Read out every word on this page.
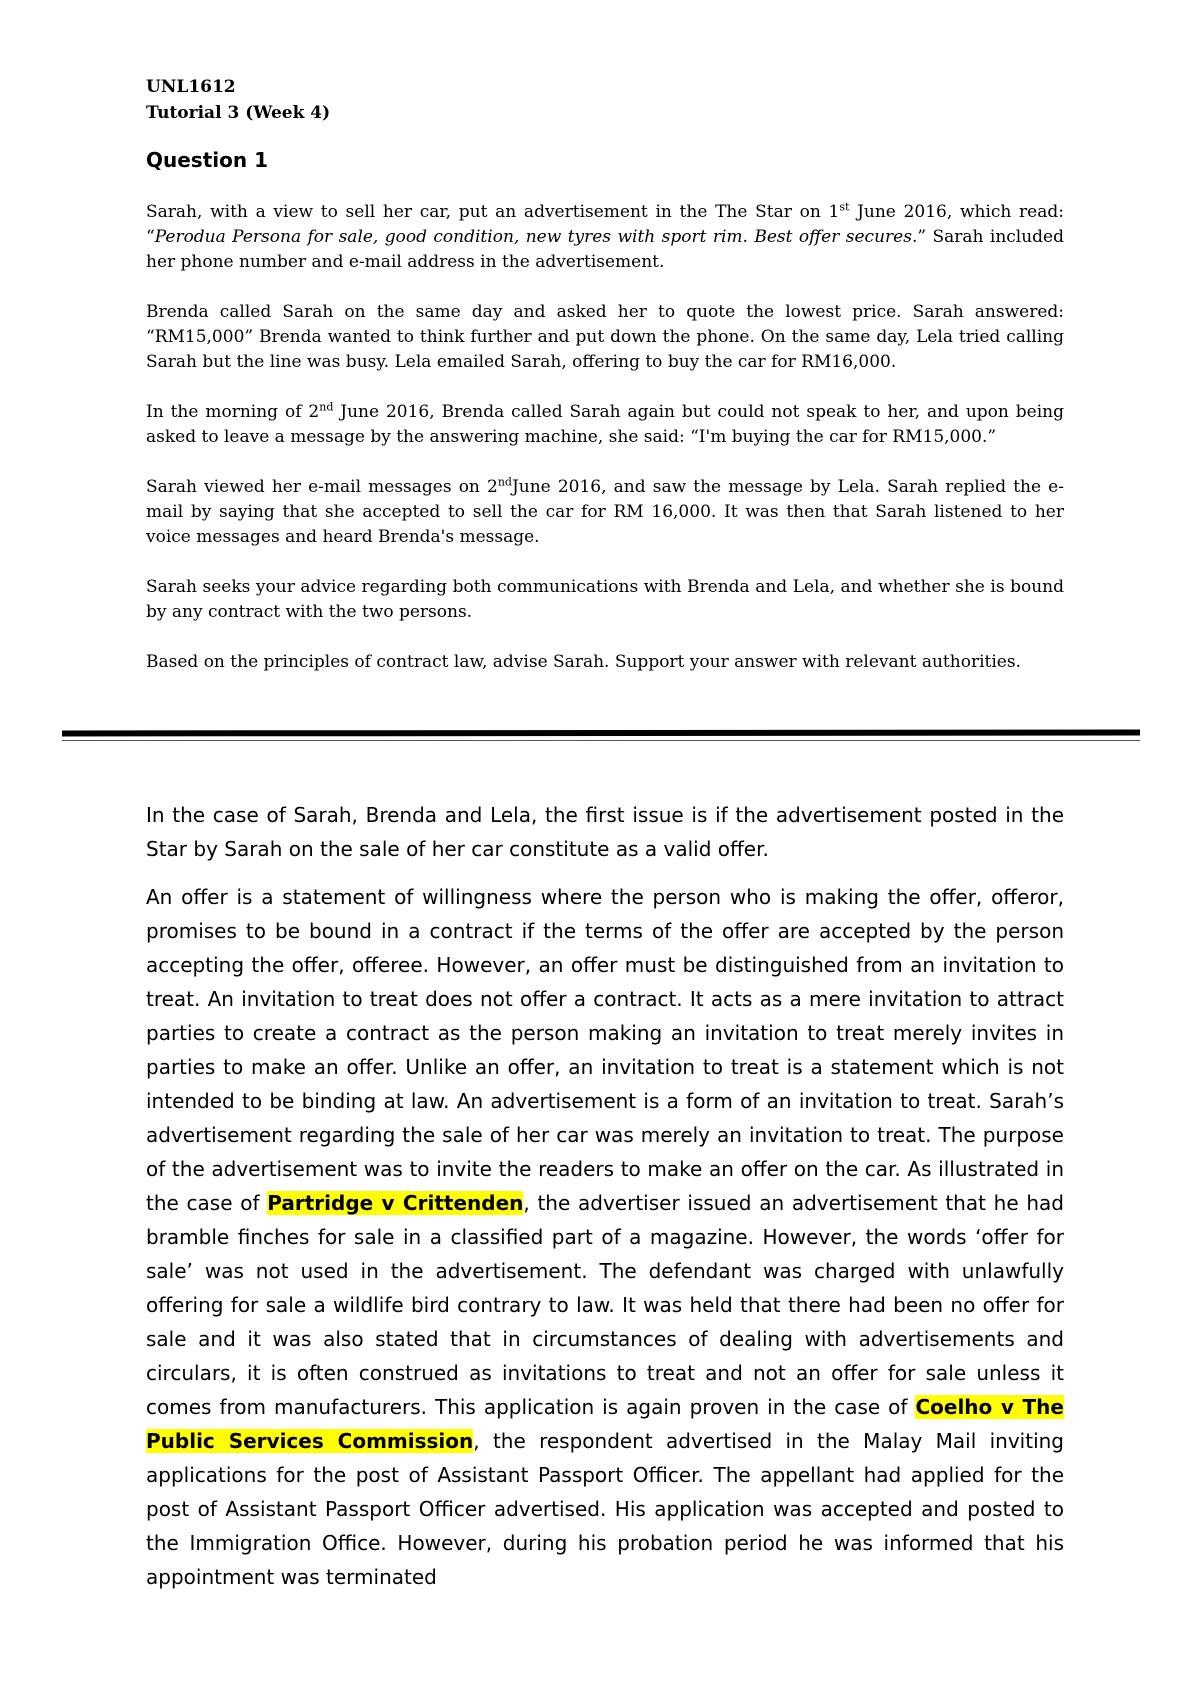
UNL1612
Tutorial 3 (Week 4)
Question 1

Sarah, with a view to sell her car, put an advertisement in the The Star on 1st June 2016, which read: “Perodua Persona for sale, good condition, new tyres with sport rim. Best offer secures.” Sarah included her phone number and e-mail address in the advertisement.

Brenda called Sarah on the same day and asked her to quote the lowest price. Sarah answered: “RM15,000” Brenda wanted to think further and put down the phone. On the same day, Lela tried calling Sarah but the line was busy. Lela emailed Sarah, offering to buy the car for RM16,000.

In the morning of 2nd June 2016, Brenda called Sarah again but could not speak to her, and upon being asked to leave a message by the answering machine, she said: “I'm buying the car for RM15,000.”

Sarah viewed her e-mail messages on 2ndJune 2016, and saw the message by Lela. Sarah replied the e-mail by saying that she accepted to sell the car for RM 16,000. It was then that Sarah listened to her voice messages and heard Brenda's message.

Sarah seeks your advice regarding both communications with Brenda and Lela, and whether she is bound by any contract with the two persons.

Based on the principles of contract law, advise Sarah. Support your answer with relevant authorities.

In the case of Sarah, Brenda and Lela, the first issue is if the advertisement posted in the Star by Sarah on the sale of her car constitute as a valid offer.

An offer is a statement of willingness where the person who is making the offer, offeror, promises to be bound in a contract if the terms of the offer are accepted by the person accepting the offer, offeree. However, an offer must be distinguished from an invitation to treat. An invitation to treat does not offer a contract. It acts as a mere invitation to attract parties to create a contract as the person making an invitation to treat merely invites in parties to make an offer. Unlike an offer, an invitation to treat is a statement which is not intended to be binding at law. An advertisement is a form of an invitation to treat. Sarah’s advertisement regarding the sale of her car was merely an invitation to treat. The purpose of the advertisement was to invite the readers to make an offer on the car. As illustrated in the case of Partridge v Crittenden, the advertiser issued an advertisement that he had bramble finches for sale in a classified part of a magazine. However, the words ‘offer for sale’ was not used in the advertisement. The defendant was charged with unlawfully offering for sale a wildlife bird contrary to law. It was held that there had been no offer for sale and it was also stated that in circumstances of dealing with advertisements and circulars, it is often construed as invitations to treat and not an offer for sale unless it comes from manufacturers. This application is again proven in the case of Coelho v The Public Services Commission, the respondent advertised in the Malay Mail inviting applications for the post of Assistant Passport Officer. The appellant had applied for the post of Assistant Passport Officer advertised. His application was accepted and posted to the Immigration Office. However, during his probation period he was informed that his appointment was terminated
